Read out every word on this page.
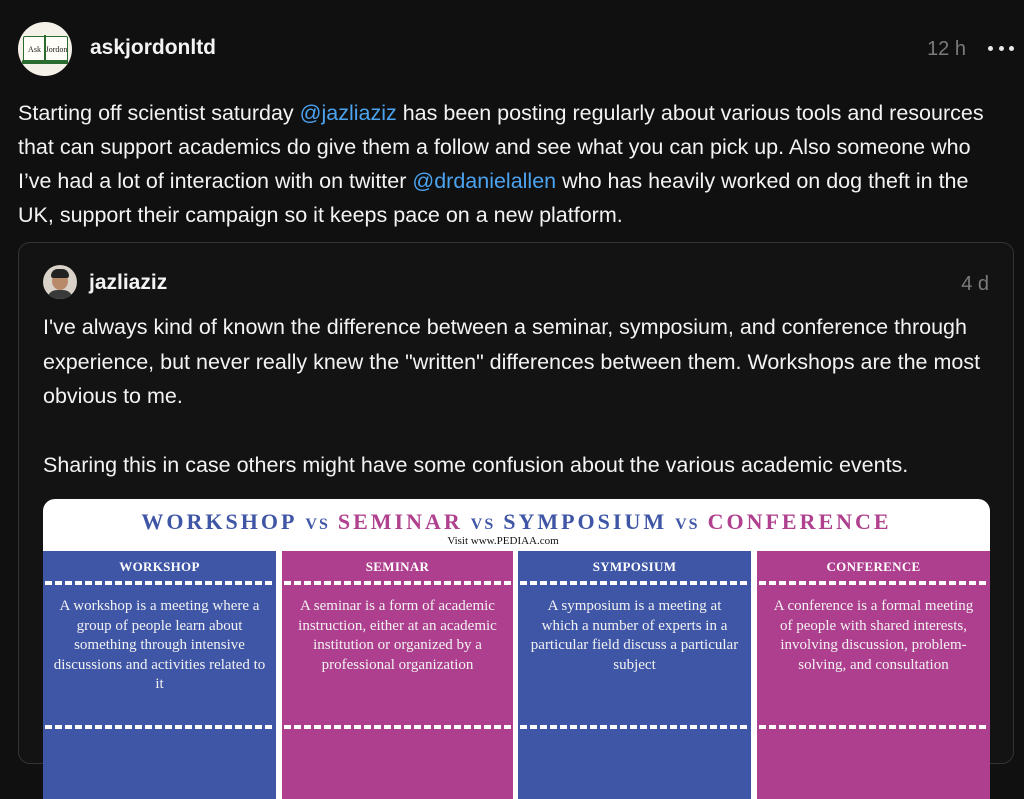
Ask Jordon askjordonltd	12 h
Starting off scientist saturday @jazliaziz has been posting regularly about various tools and resources that can support academics do give them a follow and see what you can pick up. Also someone who I’ve had a lot of interaction with on twitter @drdanielallen who has heavily worked on dog theft in the UK, support their campaign so it keeps pace on a new platform.
jazliaziz	4 d

I've always kind of known the difference between a seminar, symposium, and conference through experience, but never really knew the "written" differences between them. Workshops are the most obvious to me.

Sharing this in case others might have some confusion about the various academic events.

WORKSHOP VS SEMINAR VS SYMPOSIUM VS CONFERENCE
Visit www.PEDIAA.com
WORKSHOP

A workshop is a meeting where a group of people learn about something through intensive discussions and activities related to it

SEMINAR

A seminar is a form of academic instruction, either at an academic institution or organized by a professional organization

SYMPOSIUM

A symposium is a meeting at which a number of experts in a particular field discuss a particular subject

CONFERENCE

A conference is a formal meeting of people with shared interests, involving discussion, problem-solving, and consultation
